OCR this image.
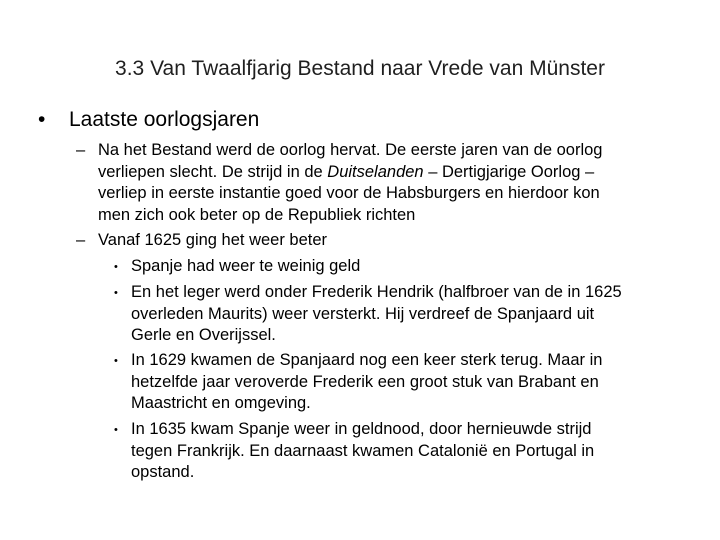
3.3 Van Twaalfjarig Bestand naar Vrede van Münster
• Laatste oorlogsjaren
– Na het Bestand werd de oorlog hervat. De eerste jaren van de oorlog
verliepen slecht. De strijd in de Duitselanden – Dertigjarige Oorlog –
verliep in eerste instantie goed voor de Habsburgers en hierdoor kon
men zich ook beter op de Republiek richten
– Vanaf 1625 ging het weer beter
• Spanje had weer te weinig geld
• En het leger werd onder Frederik Hendrik (halfbroer van de in 1625
overleden Maurits) weer versterkt. Hij verdreef de Spanjaard uit
Gerle en Overijssel.
• In 1629 kwamen de Spanjaard nog een keer sterk terug. Maar in
hetzelfde jaar veroverde Frederik een groot stuk van Brabant en
Maastricht en omgeving.
• In 1635 kwam Spanje weer in geldnood, door hernieuwde strijd
tegen Frankrijk. En daarnaast kwamen Catalonië en Portugal in
opstand.
